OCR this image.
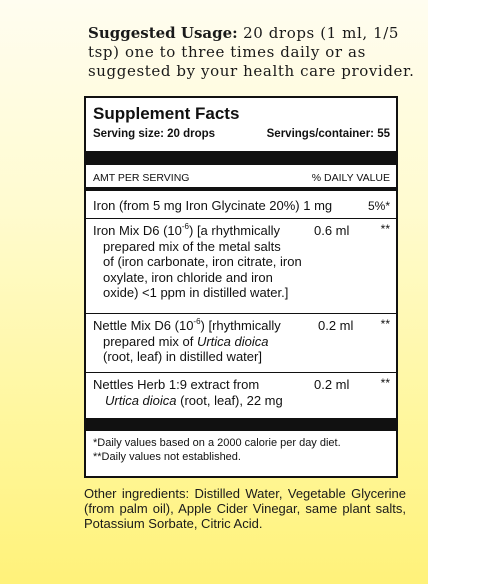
Suggested Usage: 20 drops (1 ml, 1/5
tsp) one to three times daily or as
suggested by your health care provider.
Supplement Facts
Serving size: 20 drops	Servings/container: 55
AMT PER SERVING	% DAILY VALUE
Iron (from 5 mg Iron Glycinate 20%) 1 mg	5%*

Iron Mix D6 $(10^{-6})$ [a rhythmically

prepared mix of the metal salts

of (iron carbonate, iron citrate, iron

oxylate, iron chloride and iron

oxide) <1 ppm in distilled water.]

0.6 ml	**

Nettle Mix D6 $(10^{-6})$ [rhythmically

prepared mix of Urtica dioica

(root, leaf) in distilled water]

0.2 ml **

Nettles Herb 1:9 extract from

Urtica dioica (root, leaf), 22 mg

0.2 ml	**
*Daily values based on a 2000 calorie per day diet.
**Daily values not established.
Other ingredients: Distilled Water, Vegetable Glycerine (from palm oil), Apple Cider Vinegar, same plant salts, Potassium Sorbate, Citric Acid.
